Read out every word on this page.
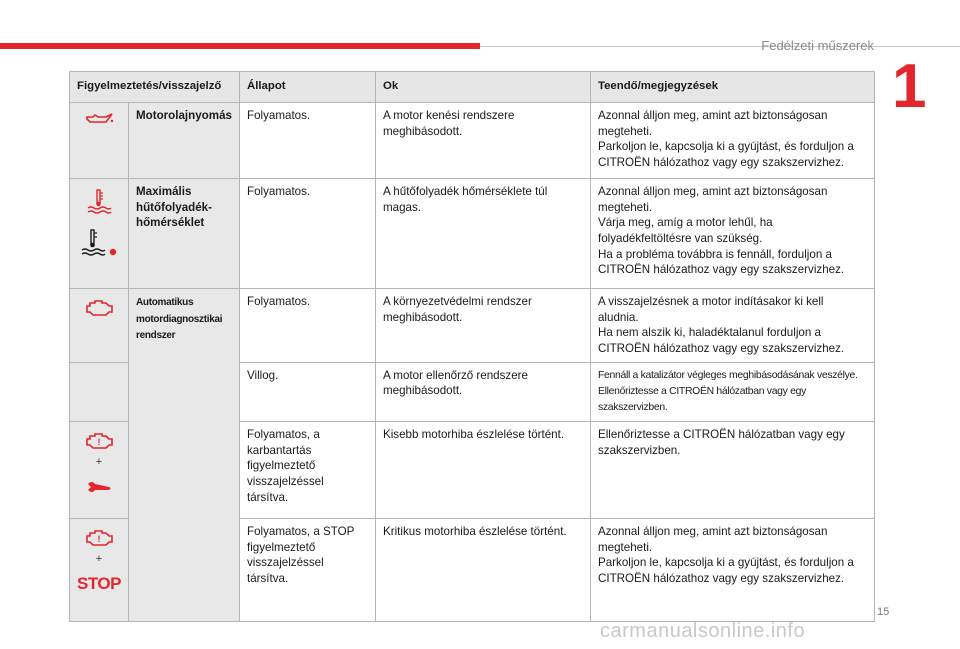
Fedélzeti műszerek
1
Figyelmeztetés/visszajelző		Állapot	Ok	Teendő/megjegyzések

	Motorolajnyomás	Folyamatos.	A motor kenési rendszere meghibásodott.	Azonnal álljon meg, amint azt biztonságosan megteheti.
Parkoljon le, kapcsolja ki a gyújtást, és forduljon a CITROËN hálózathoz vagy egy szakszervizhez.

	Maximális hűtőfolyadék-hőmérséklet	Folyamatos.	A hűtőfolyadék hőmérséklete túl magas.	Azonnal álljon meg, amint azt biztonságosan megteheti.
Várja meg, amíg a motor lehűl, ha folyadékfeltöltésre van szükség.
Ha a probléma továbbra is fennáll, forduljon a CITROËN hálózathoz vagy egy szakszervizhez.

	Automatikus motordiagnosztikai rendszer	Folyamatos.	A környezetvédelmi rendszer meghibásodott.	A visszajelzésnek a motor indításakor ki kell aludnia.
Ha nem alszik ki, haladéktalanul forduljon a CITROËN hálózathoz vagy egy szakszervizhez.
		Villog.	A motor ellenőrző rendszere meghibásodott.	Fennáll a katalizátor végleges meghibásodásának veszélye.
Ellenőriztesse a CITROËN hálózatban vagy egy szakszervizben.

!
+		Folyamatos, a karbantartás figyelmeztető visszajelzéssel társítva.	Kisebb motorhiba észlelése történt.	Ellenőriztesse a CITROËN hálózatban vagy egy szakszervizben.

!
+
STOP		Folyamatos, a STOP figyelmeztető visszajelzéssel társítva.	Kritikus motorhiba észlelése történt.	Azonnal álljon meg, amint azt biztonságosan megteheti.
Parkoljon le, kapcsolja ki a gyújtást, és forduljon a CITROËN hálózathoz vagy egy szakszervizhez.
15
carmanualsonline.info
